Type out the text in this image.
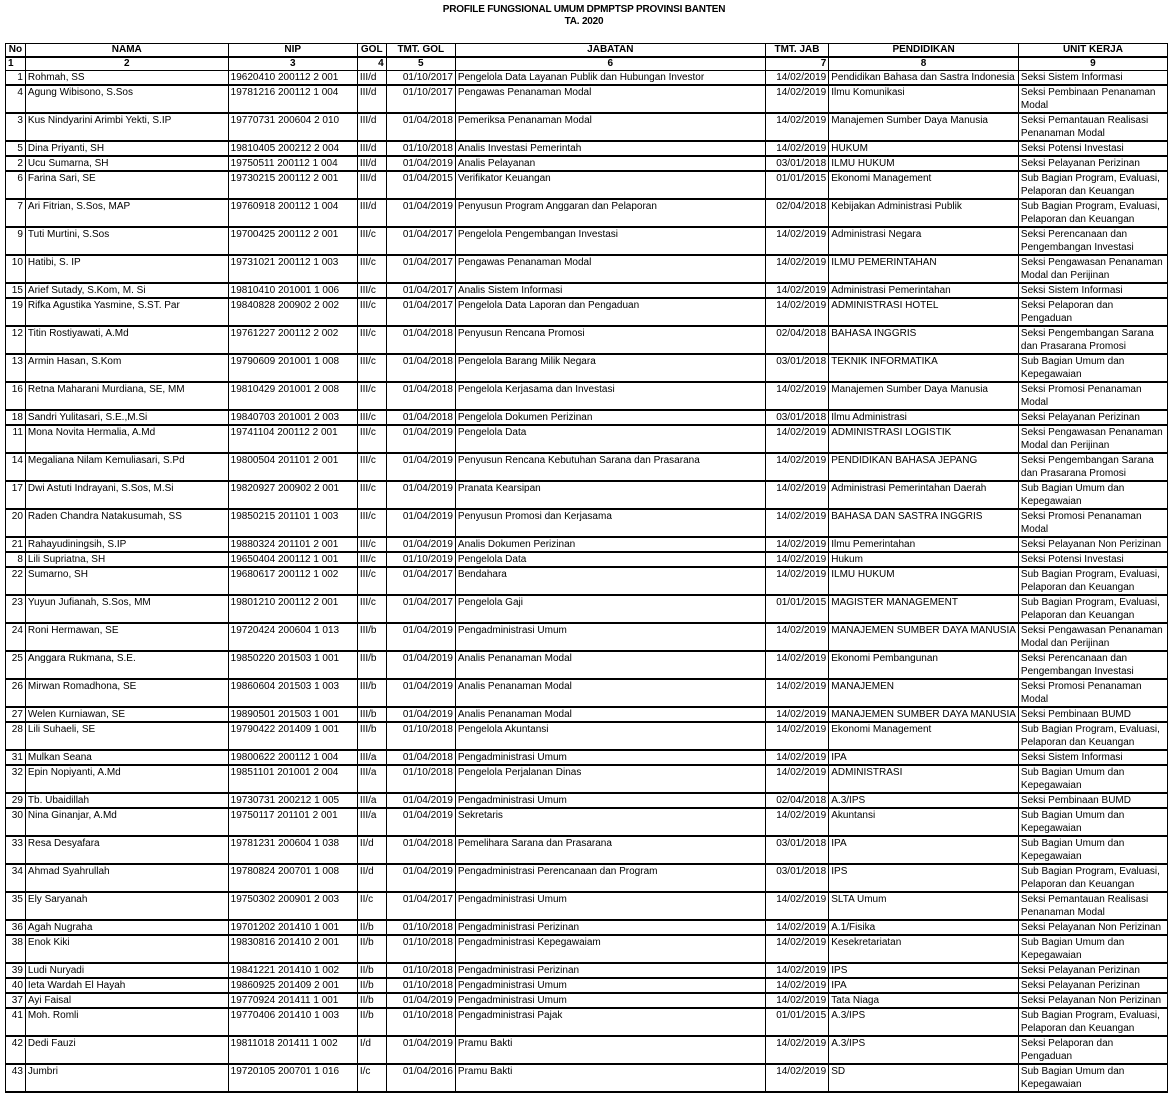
PROFILE FUNGSIONAL UMUM DPMPTSP PROVINSI BANTEN
TA. 2020
No	NAMA	NIP	GOL	TMT. GOL	JABATAN	TMT. JAB	PENDIDIKAN	UNIT KERJA
1	2	3	4	5	6	7	8	9
1	Rohmah, SS	19620410 200112 2 001	III/d	01/10/2017	Pengelola Data Layanan Publik dan Hubungan Investor	14/02/2019	Pendidikan Bahasa dan Sastra Indonesia	Seksi Sistem Informasi
4	Agung Wibisono, S.Sos	19781216 200112 1 004	III/d	01/10/2017	Pengawas Penanaman Modal	14/02/2019	Ilmu Komunikasi	Seksi Pembinaan Penanaman Modal
3	Kus Nindyarini Arimbi Yekti, S.IP	19770731 200604 2 010	III/d	01/04/2018	Pemeriksa Penanaman Modal	14/02/2019	Manajemen Sumber Daya Manusia	Seksi Pemantauan Realisasi Penanaman Modal
5	Dina Priyanti, SH	19810405 200212 2 004	III/d	01/10/2018	Analis Investasi Pemerintah	14/02/2019	HUKUM	Seksi Potensi Investasi
2	Ucu Sumarna, SH	19750511 200112 1 004	III/d	01/04/2019	Analis Pelayanan	03/01/2018	ILMU HUKUM	Seksi Pelayanan Perizinan
6	Farina Sari, SE	19730215 200112 2 001	III/d	01/04/2015	Verifikator Keuangan	01/01/2015	Ekonomi Management	Sub Bagian Program, Evaluasi, Pelaporan dan Keuangan
7	Ari Fitrian, S.Sos, MAP	19760918 200112 1 004	III/d	01/04/2019	Penyusun Program Anggaran dan Pelaporan	02/04/2018	Kebijakan Administrasi Publik	Sub Bagian Program, Evaluasi, Pelaporan dan Keuangan
9	Tuti Murtini, S.Sos	19700425 200112 2 001	III/c	01/04/2017	Pengelola Pengembangan Investasi	14/02/2019	Administrasi Negara	Seksi Perencanaan dan Pengembangan Investasi
10	Hatibi, S. IP	19731021 200112 1 003	III/c	01/04/2017	Pengawas Penanaman Modal	14/02/2019	ILMU PEMERINTAHAN	Seksi Pengawasan Penanaman Modal dan Perijinan
15	Arief Sutady, S.Kom, M. Si	19810410 201001 1 006	III/c	01/04/2017	Analis Sistem Informasi	14/02/2019	Administrasi Pemerintahan	Seksi Sistem Informasi
19	Rifka Agustika Yasmine, S.ST. Par	19840828 200902 2 002	III/c	01/04/2017	Pengelola Data Laporan dan Pengaduan	14/02/2019	ADMINISTRASI HOTEL	Seksi Pelaporan dan Pengaduan
12	Titin Rostiyawati, A.Md	19761227 200112 2 002	III/c	01/04/2018	Penyusun Rencana Promosi	02/04/2018	BAHASA INGGRIS	Seksi Pengembangan Sarana dan Prasarana Promosi
13	Armin Hasan, S.Kom	19790609 201001 1 008	III/c	01/04/2018	Pengelola Barang Milik Negara	03/01/2018	TEKNIK INFORMATIKA	Sub Bagian Umum dan Kepegawaian
16	Retna Maharani Murdiana, SE, MM	19810429 201001 2 008	III/c	01/04/2018	Pengelola Kerjasama dan Investasi	14/02/2019	Manajemen Sumber Daya Manusia	Seksi Promosi Penanaman Modal
18	Sandri Yulitasari, S.E.,M.Si	19840703 201001 2 003	III/c	01/04/2018	Pengelola Dokumen Perizinan	03/01/2018	Ilmu Administrasi	Seksi Pelayanan Perizinan
11	Mona Novita Hermalia, A.Md	19741104 200112 2 001	III/c	01/04/2019	Pengelola Data	14/02/2019	ADMINISTRASI LOGISTIK	Seksi Pengawasan Penanaman Modal dan Perijinan
14	Megaliana Nilam Kemuliasari, S.Pd	19800504 201101 2 001	III/c	01/04/2019	Penyusun Rencana Kebutuhan Sarana dan Prasarana	14/02/2019	PENDIDIKAN BAHASA JEPANG	Seksi Pengembangan Sarana dan Prasarana Promosi
17	Dwi Astuti Indrayani, S.Sos, M.Si	19820927 200902 2 001	III/c	01/04/2019	Pranata Kearsipan	14/02/2019	Administrasi Pemerintahan Daerah	Sub Bagian Umum dan Kepegawaian
20	Raden Chandra Natakusumah, SS	19850215 201101 1 003	III/c	01/04/2019	Penyusun Promosi dan Kerjasama	14/02/2019	BAHASA DAN SASTRA INGGRIS	Seksi Promosi Penanaman Modal
21	Rahayudiningsih, S.IP	19880324 201101 2 001	III/c	01/04/2019	Analis Dokumen Perizinan	14/02/2019	Ilmu Pemerintahan	Seksi Pelayanan Non Perizinan
8	Lili Supriatna, SH	19650404 200112 1 001	III/c	01/10/2019	Pengelola Data	14/02/2019	Hukum	Seksi Potensi Investasi
22	Sumarno, SH	19680617 200112 1 002	III/c	01/04/2017	Bendahara	14/02/2019	ILMU HUKUM	Sub Bagian Program, Evaluasi, Pelaporan dan Keuangan
23	Yuyun Jufianah, S.Sos, MM	19801210 200112 2 001	III/c	01/04/2017	Pengelola Gaji	01/01/2015	MAGISTER MANAGEMENT	Sub Bagian Program, Evaluasi, Pelaporan dan Keuangan
24	Roni Hermawan, SE	19720424 200604 1 013	III/b	01/04/2019	Pengadministrasi Umum	14/02/2019	MANAJEMEN SUMBER DAYA MANUSIA	Seksi Pengawasan Penanaman Modal dan Perijinan
25	Anggara Rukmana, S.E.	19850220 201503 1 001	III/b	01/04/2019	Analis Penanaman Modal	14/02/2019	Ekonomi Pembangunan	Seksi Perencanaan dan Pengembangan Investasi
26	Mirwan Romadhona, SE	19860604 201503 1 003	III/b	01/04/2019	Analis Penanaman Modal	14/02/2019	MANAJEMEN	Seksi Promosi Penanaman Modal
27	Welen Kurniawan, SE	19890501 201503 1 001	III/b	01/04/2019	Analis Penanaman Modal	14/02/2019	MANAJEMEN SUMBER DAYA MANUSIA	Seksi Pembinaan BUMD
28	Lili Suhaeli, SE	19790422 201409 1 001	III/b	01/10/2018	Pengelola Akuntansi	14/02/2019	Ekonomi Management	Sub Bagian Program, Evaluasi, Pelaporan dan Keuangan
31	Mulkan Seana	19800622 200112 1 004	III/a	01/04/2018	Pengadministrasi Umum	14/02/2019	IPA	Seksi Sistem Informasi
32	Epin Nopiyanti, A.Md	19851101 201001 2 004	III/a	01/10/2018	Pengelola Perjalanan Dinas	14/02/2019	ADMINISTRASI	Sub Bagian Umum dan Kepegawaian
29	Tb. Ubaidillah	19730731 200212 1 005	III/a	01/04/2019	Pengadministrasi Umum	02/04/2018	A.3/IPS	Seksi Pembinaan BUMD
30	Nina Ginanjar, A.Md	19750117 201101 2 001	III/a	01/04/2019	Sekretaris	14/02/2019	Akuntansi	Sub Bagian Umum dan Kepegawaian
33	Resa Desyafara	19781231 200604 1 038	II/d	01/04/2018	Pemelihara Sarana dan Prasarana	03/01/2018	IPA	Sub Bagian Umum dan Kepegawaian
34	Ahmad Syahrullah	19780824 200701 1 008	II/d	01/04/2019	Pengadministrasi Perencanaan dan Program	03/01/2018	IPS	Sub Bagian Program, Evaluasi, Pelaporan dan Keuangan
35	Ely Saryanah	19750302 200901 2 003	II/c	01/04/2017	Pengadministrasi Umum	14/02/2019	SLTA Umum	Seksi Pemantauan Realisasi Penanaman Modal
36	Agah Nugraha	19701202 201410 1 001	II/b	01/10/2018	Pengadministrasi Perizinan	14/02/2019	A.1/Fisika	Seksi Pelayanan Non Perizinan
38	Enok Kiki	19830816 201410 2 001	II/b	01/10/2018	Pengadministrasi Kepegawaiam	14/02/2019	Kesekretariatan	Sub Bagian Umum dan Kepegawaian
39	Ludi Nuryadi	19841221 201410 1 002	II/b	01/10/2018	Pengadministrasi Perizinan	14/02/2019	IPS	Seksi Pelayanan Perizinan
40	Ieta Wardah El Hayah	19860925 201409 2 001	II/b	01/10/2018	Pengadministrasi Umum	14/02/2019	IPA	Seksi Pelayanan Perizinan
37	Ayi Faisal	19770924 201411 1 001	II/b	01/04/2019	Pengadministrasi Umum	14/02/2019	Tata Niaga	Seksi Pelayanan Non Perizinan
41	Moh. Romli	19770406 201410 1 003	II/b	01/10/2018	Pengadministrasi Pajak	01/01/2015	A.3/IPS	Sub Bagian Program, Evaluasi, Pelaporan dan Keuangan
42	Dedi Fauzi	19811018 201411 1 002	I/d	01/04/2019	Pramu Bakti	14/02/2019	A.3/IPS	Seksi Pelaporan dan Pengaduan
43	Jumbri	19720105 200701 1 016	I/c	01/04/2016	Pramu Bakti	14/02/2019	SD	Sub Bagian Umum dan Kepegawaian
